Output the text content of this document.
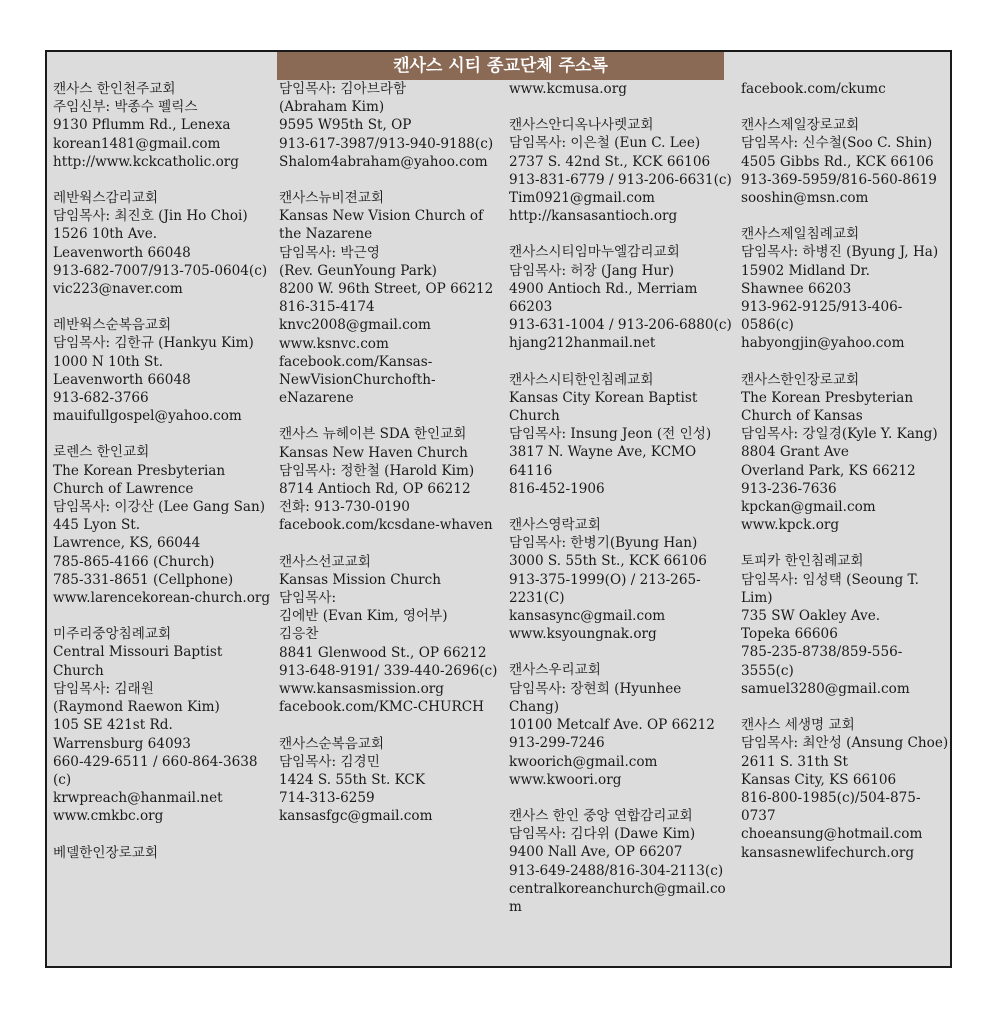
캔사스 시티 종교단체 주소록
캔사스 한인천주교회
주임신부: 박종수 펠릭스
9130 Pflumm Rd., Lenexa
korean1481@gmail.com
http://www.kckcatholic.org
레반웍스감리교회
담임목사: 최진호 (Jin Ho Choi)
1526 10th Ave.
Leavenworth 66048
913-682-7007/913-705-0604(c)
vic223@naver.com
레반웍스순복음교회
담임목사: 김한규 (Hankyu Kim)
1000 N 10th St.
Leavenworth 66048
913-682-3766
mauifullgospel@yahoo.com
로렌스 한인교회
The Korean Presbyterian Church of Lawrence
담임목사: 이강산 (Lee Gang San)
445 Lyon St.
Lawrence, KS, 66044
785-865-4166 (Church)
785-331-8651 (Cellphone)
www.larencekorean-church.org
미주리중앙침례교회
Central Missouri Baptist Church
담임목사: 김래원
(Raymond Raewon Kim)
105 SE 421st Rd.
Warrensburg 64093
660-429-6511 / 660-864-3638 (c)
krwpreach@hanmail.net
www.cmkbc.org
베델한인장로교회
담임목사: 김아브라함
(Abraham Kim)
9595 W95th St, OP
913-617-3987/913-940-9188(c)
Shalom4abraham@yahoo.com
캔사스뉴비젼교회
Kansas New Vision Church of the Nazarene
담임목사: 박근영
(Rev. GeunYoung Park)
8200 W. 96th Street, OP 66212
816-315-4174
knvc2008@gmail.com
www.ksnvc.com
facebook.com/Kansas-NewVisionChurchofth-eNazarene
캔사스 뉴헤이븐 SDA 한인교회
Kansas New Haven Church
담임목사: 정한철 (Harold Kim)
8714 Antioch Rd, OP 66212
전화: 913-730-0190
facebook.com/kcsdane-whaven
캔사스선교교회
Kansas Mission Church
담임목사:
김에반 (Evan Kim, 영어부)
김응찬
8841 Glenwood St., OP 66212
913-648-9191/ 339-440-2696(c)
www.kansasmission.org
facebook.com/KMC-CHURCH
캔사스순복음교회
담임목사: 김경민
1424 S. 55th St. KCK
714-313-6259
kansasfgc@gmail.com
www.kcmusa.org
캔사스안디옥나사렛교회
담임목사: 이은철 (Eun C. Lee)
2737 S. 42nd St., KCK 66106
913-831-6779 / 913-206-6631(c)
Tim0921@gmail.com
http://kansasantioch.org
캔사스시티임마누엘감리교회
담임목사: 허장 (Jang Hur)
4900 Antioch Rd., Merriam 66203
913-631-1004 / 913-206-6880(c)
hjang212hanmail.net
캔사스시티한인침례교회
Kansas City Korean Baptist Church
담임목사: Insung Jeon (전 인성)
3817 N. Wayne Ave, KCMO 64116
816-452-1906
캔사스영락교회
담임목사: 한병기(Byung Han)
3000 S. 55th St., KCK 66106
913-375-1999(O) / 213-265-2231(C)
kansasync@gmail.com
www.ksyoungnak.org
캔사스우리교회
담임목사: 장현희 (Hyunhee Chang)
10100 Metcalf Ave. OP 66212
913-299-7246
kwoorich@gmail.com
www.kwoori.org
캔사스 한인 중앙 연합감리교회
담임목사: 김다위 (Dawe Kim)
9400 Nall Ave, OP 66207
913-649-2488/816-304-2113(c)
centralkoreanchurch@gmail.com
facebook.com/ckumc
캔사스제일장로교회
담임목사: 신수철(Soo C. Shin)
4505 Gibbs Rd., KCK 66106
913-369-5959/816-560-8619
sooshin@msn.com
캔사스제일침례교회
담임목사: 하병진 (Byung J, Ha)
15902 Midland Dr.
Shawnee 66203
913-962-9125/913-406-0586(c)
habyongjin@yahoo.com
캔사스한인장로교회
The Korean Presbyterian Church of Kansas
담임목사: 강일경(Kyle Y. Kang)
8804 Grant Ave
Overland Park, KS 66212
913-236-7636
kpckan@gmail.com
www.kpck.org
토피카 한인침례교회
담임목사: 임성택 (Seoung T. Lim)
735 SW Oakley Ave.
Topeka 66606
785-235-8738/859-556-3555(c)
samuel3280@gmail.com
캔사스 세생명 교회
담임목사: 최안성 (Ansung Choe)
2611 S. 31th St
Kansas City, KS 66106
816-800-1985(c)/504-875-0737
choeansung@hotmail.com
kansasnewlifechurch.org
